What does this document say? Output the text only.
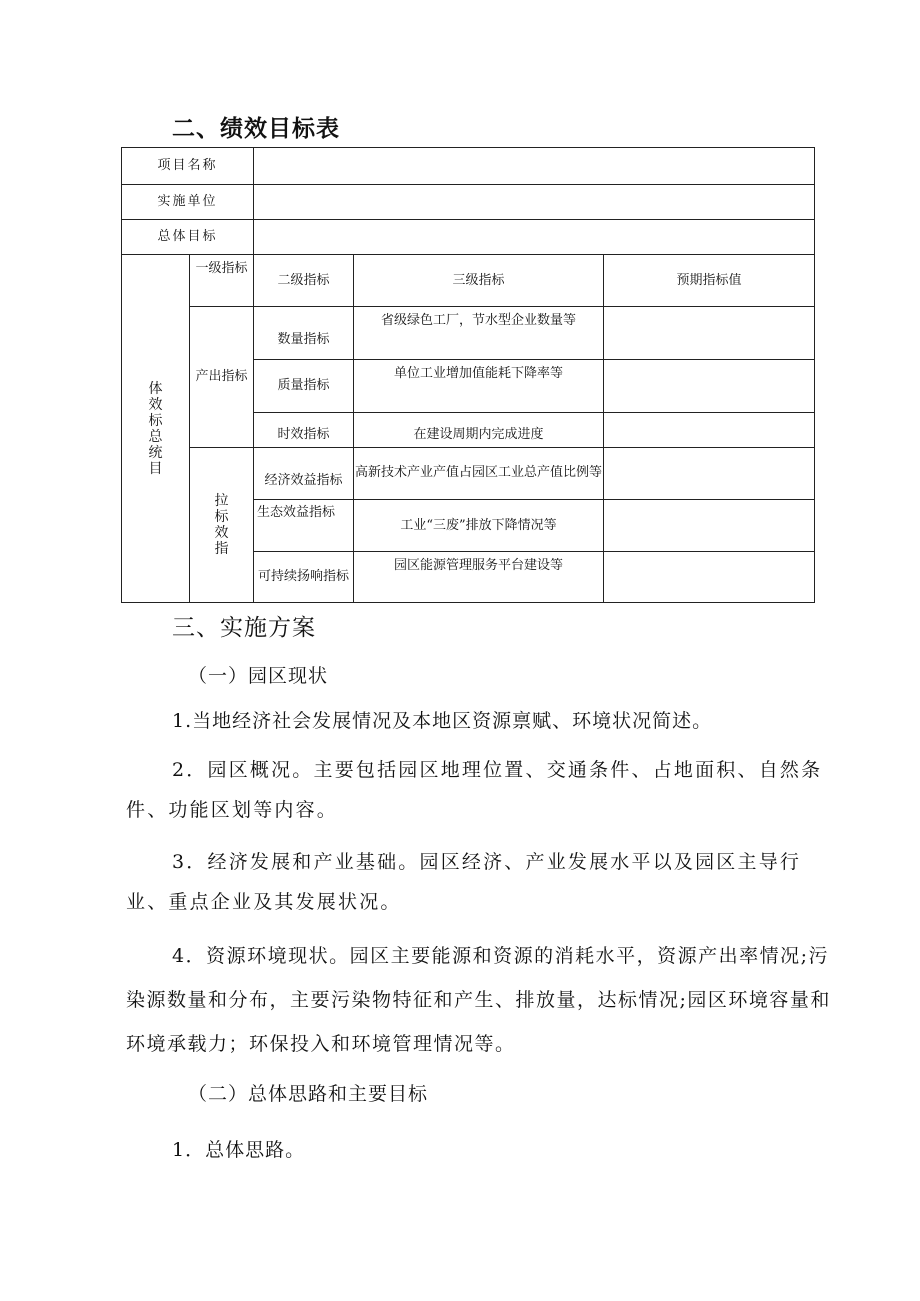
二、绩效目标表
项目名称				
实施单位				
总体目标				

体效标总统目	一级指标	二级指标	三级指标	预期指标值
	产出指标	数量指标	省级绿色工厂，节水型企业数量等	
		质量指标	单位工业增加值能耗下降率等	
		时效指标	在建设周期内完成进度	

	拉标效指	经济效益指标	高新技术产业产值占园区工业总产值比例等	
		生态效益指标	工业“三废”排放下降情况等	
		可持续扬响指标	园区能源管理服务平台建设等	
三、实施方案

（一）园区现状

1.当地经济社会发展情况及本地区资源禀赋、环境状况简述。

2．园区概况。主要包括园区地理位置、交通条件、占地面积、自然条件、功能区划等内容。

3．经济发展和产业基础。园区经济、产业发展水平以及园区主导行业、重点企业及其发展状况。

4．资源环境现状。园区主要能源和资源的消耗水平，资源产出率情况;污染源数量和分布，主要污染物特征和产生、排放量，达标情况;园区环境容量和环境承载力；环保投入和环境管理情况等。

（二）总体思路和主要目标

1．总体思路。
